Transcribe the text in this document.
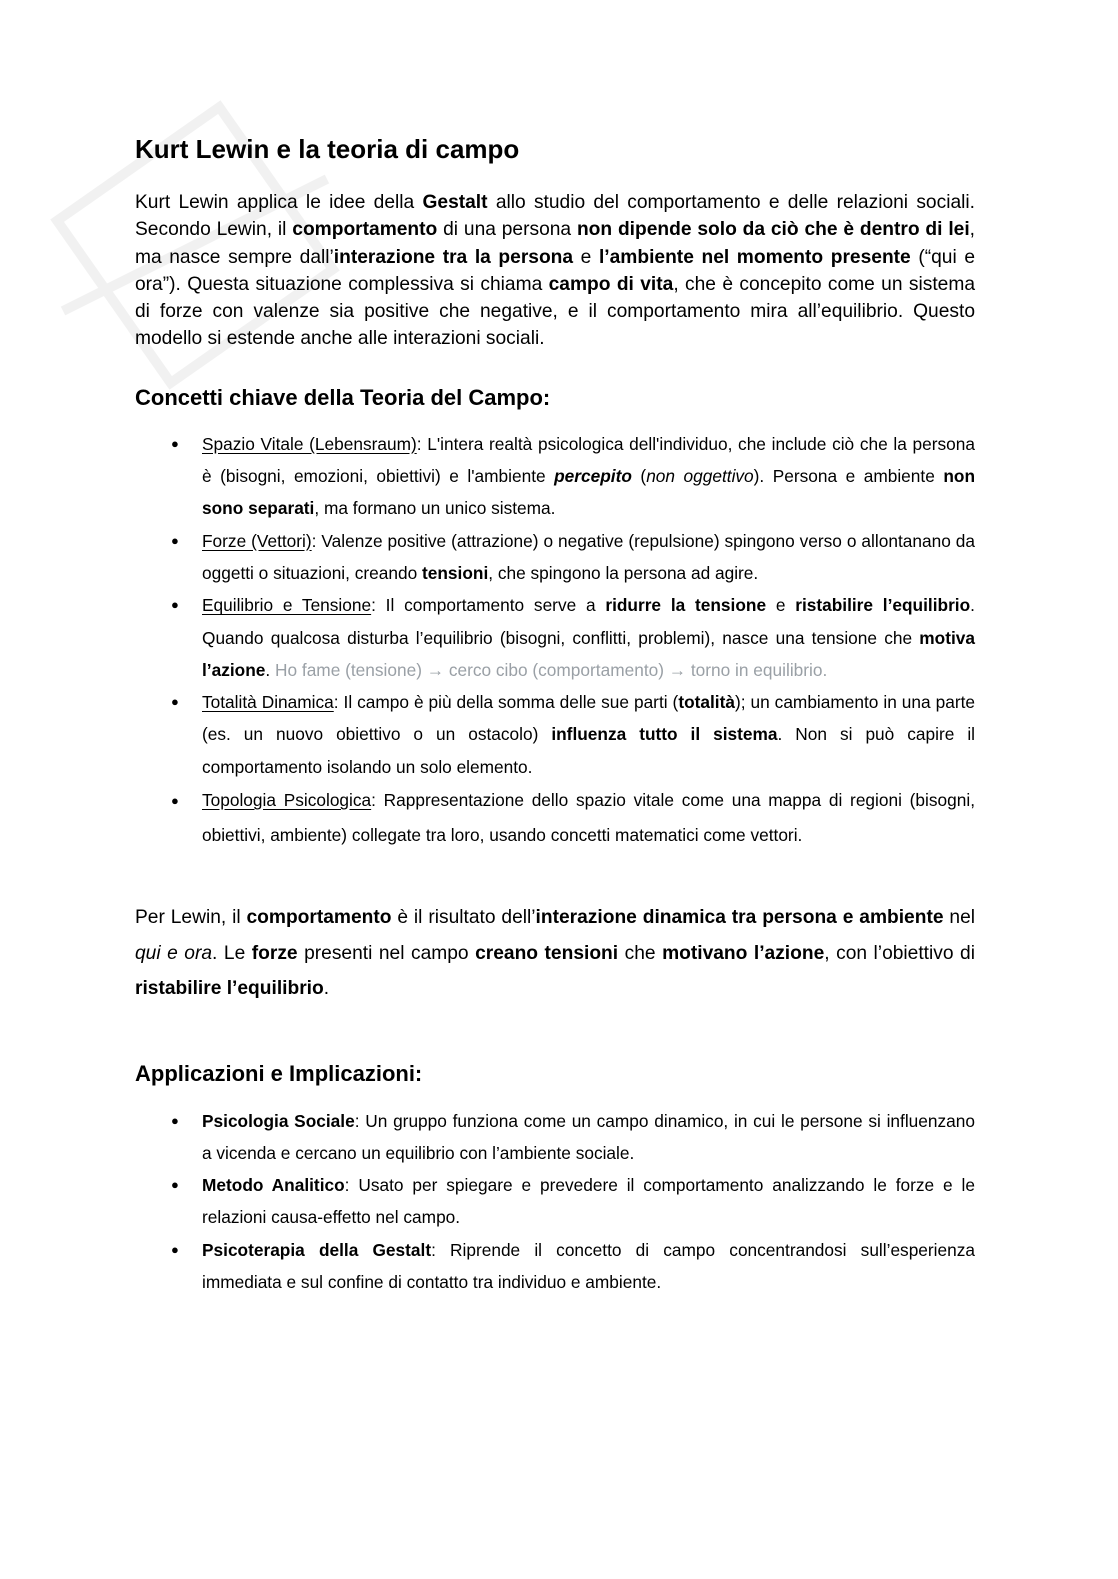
Kurt Lewin e la teoria di campo

Kurt Lewin applica le idee della Gestalt allo studio del comportamento e delle relazioni sociali. Secondo Lewin, il comportamento di una persona non dipende solo da ciò che è dentro di lei, ma nasce sempre dall’interazione tra la persona e l’ambiente nel momento presente (“qui e ora”). Questa situazione complessiva si chiama campo di vita, che è concepito come un sistema di forze con valenze sia positive che negative, e il comportamento mira all’equilibrio. Questo modello si estende anche alle interazioni sociali.

Concetti chiave della Teoria del Campo:
● Spazio Vitale (Lebensraum): L'intera realtà psicologica dell'individuo, che include ciò che la persona è (bisogni, emozioni, obiettivi) e l'ambiente percepito (non oggettivo). Persona e ambiente non sono separati, ma formano un unico sistema.
● Forze (Vettori): Valenze positive (attrazione) o negative (repulsione) spingono verso o allontanano da oggetti o situazioni, creando tensioni, che spingono la persona ad agire.
● Equilibrio e Tensione: Il comportamento serve a ridurre la tensione e ristabilire l’equilibrio. Quando qualcosa disturba l’equilibrio (bisogni, conflitti, problemi), nasce una tensione che motiva l’azione. Ho fame (tensione) → cerco cibo (comportamento) → torno in equilibrio.
● Totalità Dinamica: Il campo è più della somma delle sue parti (totalità); un cambiamento in una parte (es. un nuovo obiettivo o un ostacolo) influenza tutto il sistema. Non si può capire il comportamento isolando un solo elemento.
● Topologia Psicologica: Rappresentazione dello spazio vitale come una mappa di regioni (bisogni, obiettivi, ambiente) collegate tra loro, usando concetti matematici come vettori.

Per Lewin, il comportamento è il risultato dell’interazione dinamica tra persona e ambiente nel qui e ora. Le forze presenti nel campo creano tensioni che motivano l’azione, con l’obiettivo di ristabilire l’equilibrio.

Applicazioni e Implicazioni:
● Psicologia Sociale: Un gruppo funziona come un campo dinamico, in cui le persone si influenzano a vicenda e cercano un equilibrio con l’ambiente sociale.
● Metodo Analitico: Usato per spiegare e prevedere il comportamento analizzando le forze e le relazioni causa-effetto nel campo.
● Psicoterapia della Gestalt: Riprende il concetto di campo concentrandosi sull’esperienza immediata e sul confine di contatto tra individuo e ambiente.
